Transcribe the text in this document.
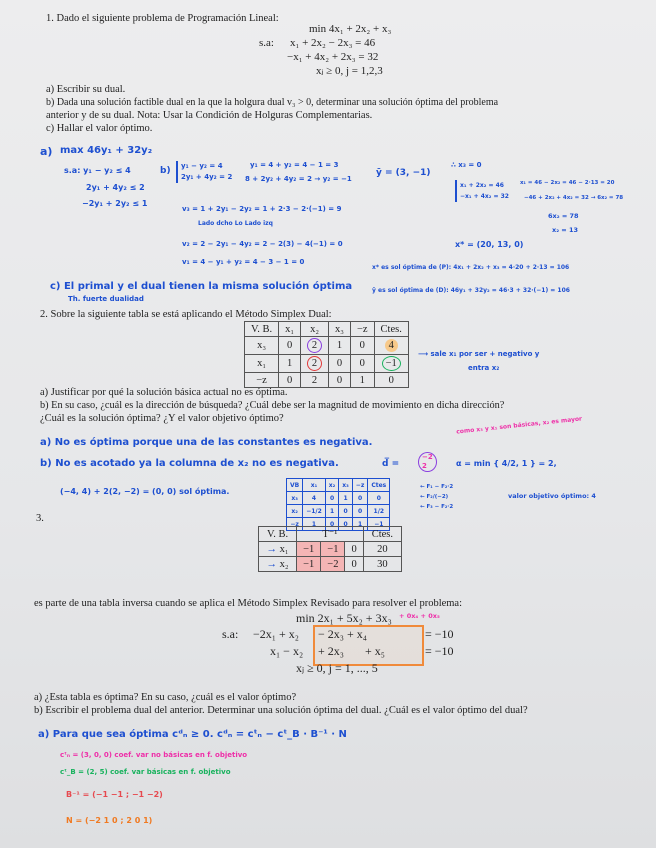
1. Dado el siguiente problema de Programación Lineal:
min 4x₁ + 2x₂ + x₃
s.a: x₁ + 2x₂ − 2x₃ = 46
−x₁ + 4x₂ + 2x₃ = 32
xⱼ ≥ 0, j = 1,2,3
a) Escribir su dual.
b) Dada una solución factible dual en la que la holgura dual v₃ > 0, determinar una solución óptima del problema
anterior y de su dual. Nota: Usar la Condición de Holguras Complementarias.
c) Hallar el valor óptimo.
a) max 46y₁ + 32y₂
s.a: y₁ − y₂ ≤ 4
2y₁ + 4y₂ ≤ 2
−2y₁ + 2y₂ ≤ 1
b) y₁ − y₂ = 4
2y₁ + 4y₂ = 2
y₁ = 4 + y₂ = 4 − 1 = 3
8 + 2y₂ + 4y₂ = 2 → y₂ = −1
ȳ = (3, −1)
v₃ = 1 + 2y₁ − 2y₂ = 1 + 2·3 − 2·(−1) = 9
Lado dcho Lo Lado izq
v₂ = 2 − 2y₁ − 4y₂ = 2 − 2(3) − 4(−1) = 0
v₁ = 4 − y₁ + y₂ = 4 − 3 − 1 = 0
∴ x₃ = 0
x₁ + 2x₂ = 46
−x₁ + 4x₂ = 32
x₁ = 46 − 2x₂ = 46 − 2·13 = 20
−46 + 2x₂ + 4x₂ = 32 → 6x₂ = 78
6x₂ = 78
x₂ = 13
x* = (20, 13, 0)
x* es sol óptima de (P): 4x₁ + 2x₂ + x₃ = 4·20 + 2·13 = 106
ȳ es sol óptima de (D): 46y₁ + 32y₂ = 46·3 + 32·(−1) = 106
c) El primal y el dual tienen la misma solución óptima
Th. fuerte dualidad
2. Sobre la siguiente tabla se está aplicando el Método Simplex Dual:
V. B.	x₁	x₂	x₃	−z	Ctes.
x₃	0	2	1	0	4
x₁	1	2	0	0	−1
−z	0	2	0	1	0
⟶ sale x₁ por ser + negativo y
entra x₂
a) Justificar por qué la solución básica actual no es óptima.
b) En su caso, ¿cuál es la dirección de búsqueda? ¿Cuál debe ser la magnitud de movimiento en dicha dirección?
¿Cuál es la solución óptima? ¿Y el valor objetivo óptimo?
a) No es óptima porque una de las constantes es negativa.
como x₃ y x₁ son básicas, x₂ es mayor
b) No es acotado ya la columna de x₂ no es negativa.	d̅ =
−2
2	α = min { 4/2, 1 } = 2,
(−4, 4) + 2(2, −2) = (0, 0) sol óptima.
VB	x₁	x₂	x₃	−z	Ctes
x₃	4	0	1	0	0
x₂	−1/2	1	0	0	1/2
−z	1	0	0	1	−1
← F₁ − F₂·2
← F₂/(−2)
← F₃ − F₂·2
valor objetivo óptimo: 4
3.
V. B.	T⁻¹			Ctes.
→ x₁	−1	−1	0	20
→ x₂	−1	−2	0	30
es parte de una tabla inversa cuando se aplica el Método Simplex Revisado para resolver el problema:
min 2x₁ + 5x₂ + 3x₃ + 0x₄ + 0x₅
s.a: −2x₁ + x₂ − 2x₃ + x₄	= −10
x₁ − x₂ + 2x₃       + x₅	= −10
xⱼ ≥ 0, j = 1, ..., 5
a) ¿Esta tabla es óptima? En su caso, ¿cuál es el valor óptimo?
b) Escribir el problema dual del anterior. Determinar una solución óptima del dual. ¿Cuál es el valor óptimo del dual?
a) Para que sea óptima cᵈₙ ≥ 0. cᵈₙ = cᵗₙ − cᵗ_B · B⁻¹ · N
cᵗₙ = (3, 0, 0) coef. var no básicas en f. objetivo
cᵗ_B = (2, 5) coef. var básicas en f. objetivo
B⁻¹ = (−1 −1 ; −1 −2)
N = (−2 1 0 ; 2 0 1)
